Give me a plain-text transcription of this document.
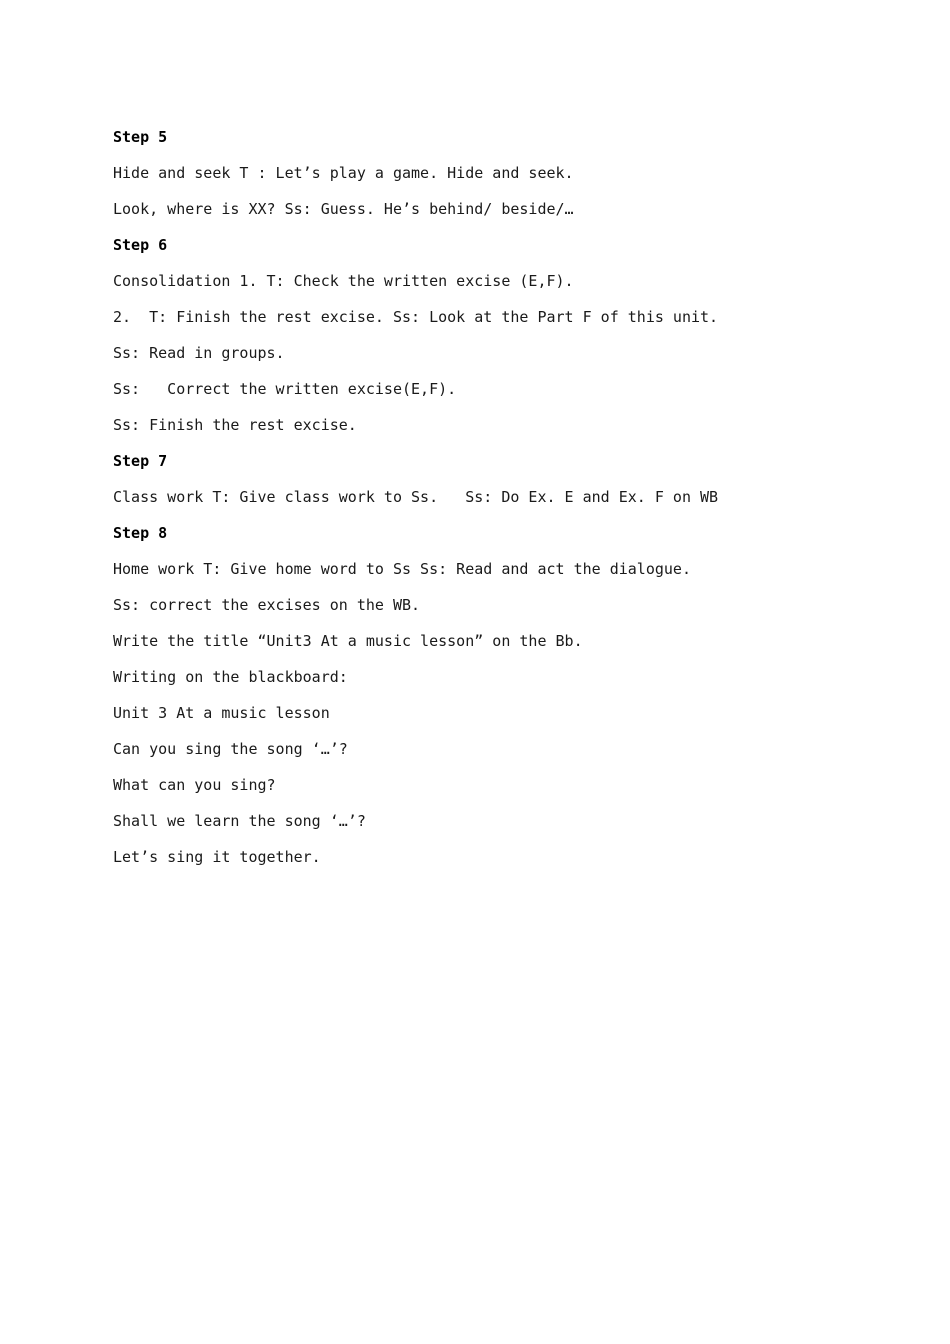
Step 5
Hide and seek T : Let’s play a game. Hide and seek.
Look, where is XX? Ss: Guess. He’s behind/ beside/…
Step 6
Consolidation 1. T: Check the written excise (E,F).
2.  T: Finish the rest excise. Ss: Look at the Part F of this unit.
Ss: Read in groups.
Ss:   Correct the written excise(E,F).
Ss: Finish the rest excise.
Step 7
Class work T: Give class work to Ss.   Ss: Do Ex. E and Ex. F on WB
Step 8
Home work T: Give home word to Ss Ss: Read and act the dialogue.
Ss: correct the excises on the WB.
Write the title “Unit3 At a music lesson” on the Bb.
Writing on the blackboard:
Unit 3 At a music lesson
Can you sing the song ‘…’?
What can you sing?
Shall we learn the song ‘…’?
Let’s sing it together.
